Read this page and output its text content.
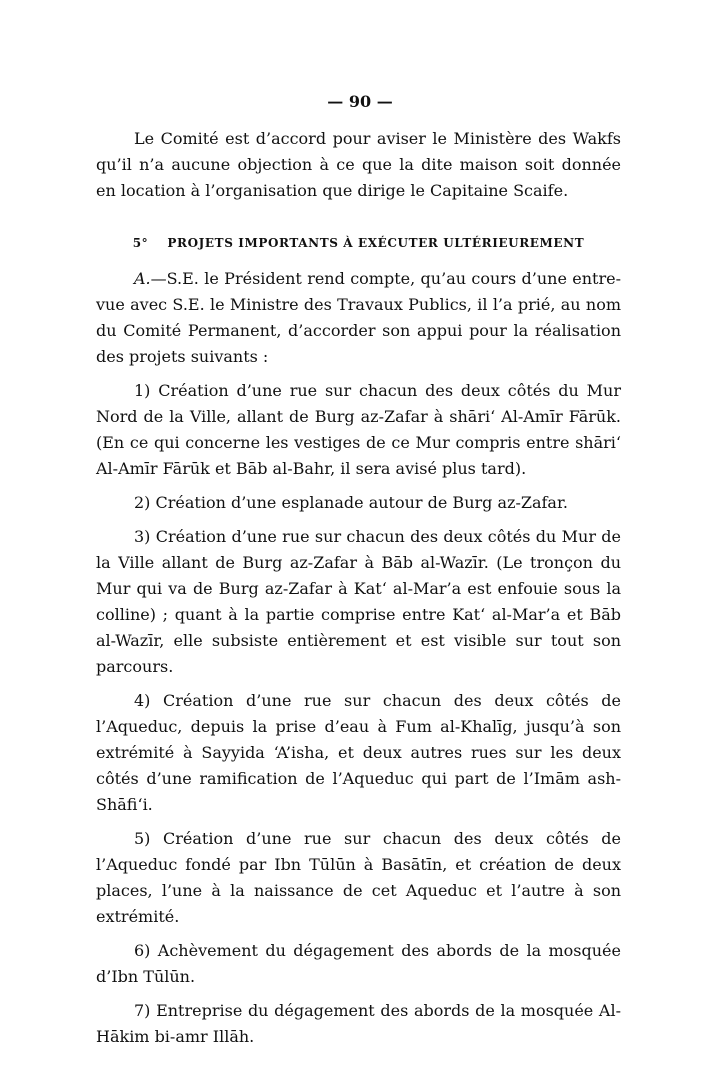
— 90 —

Le Comité est d’accord pour aviser le Ministère des Wakfs qu’il n’a aucune objection à ce que la dite maison soit donnée en location à l’organisation que dirige le Capitaine Scaife.

5° PROJETS IMPORTANTS À EXÉCUTER ULTÉRIEUREMENT

A.—S.E. le Président rend compte, qu’au cours d’une entre-vue avec S.E. le Ministre des Travaux Publics, il l’a prié, au nom du Comité Permanent, d’accorder son appui pour la réalisation des projets suivants :

1) Création d’une rue sur chacun des deux côtés du Mur Nord de la Ville, allant de Burg az-Zafar à shāri‘ Al-Amīr Fārūk. (En ce qui concerne les vestiges de ce Mur compris entre shāri‘ Al-Amīr Fārūk et Bāb al-Bahr, il sera avisé plus tard).

2) Création d’une esplanade autour de Burg az-Zafar.

3) Création d’une rue sur chacun des deux côtés du Mur de la Ville allant de Burg az-Zafar à Bāb al-Wazīr. (Le tronçon du Mur qui va de Burg az-Zafar à Kat‘ al-Mar’a est enfouie sous la colline) ; quant à la partie comprise entre Kat‘ al-Mar’a et Bāb al-Wazīr, elle subsiste entièrement et est visible sur tout son parcours.

4) Création d’une rue sur chacun des deux côtés de l’Aqueduc, depuis la prise d’eau à Fum al-Khalīg, jusqu’à son extrémité à Sayyida ‘A’isha, et deux autres rues sur les deux côtés d’une ramification de l’Aqueduc qui part de l’Imām ash-Shāfi‘i.

5) Création d’une rue sur chacun des deux côtés de l’Aqueduc fondé par Ibn Tūlūn à Basātīn, et création de deux places, l’une à la naissance de cet Aqueduc et l’autre à son extrémité.

6) Achèvement du dégagement des abords de la mosquée d’Ibn Tūlūn.

7) Entreprise du dégagement des abords de la mosquée Al-Hākim bi-amr Illāh.
